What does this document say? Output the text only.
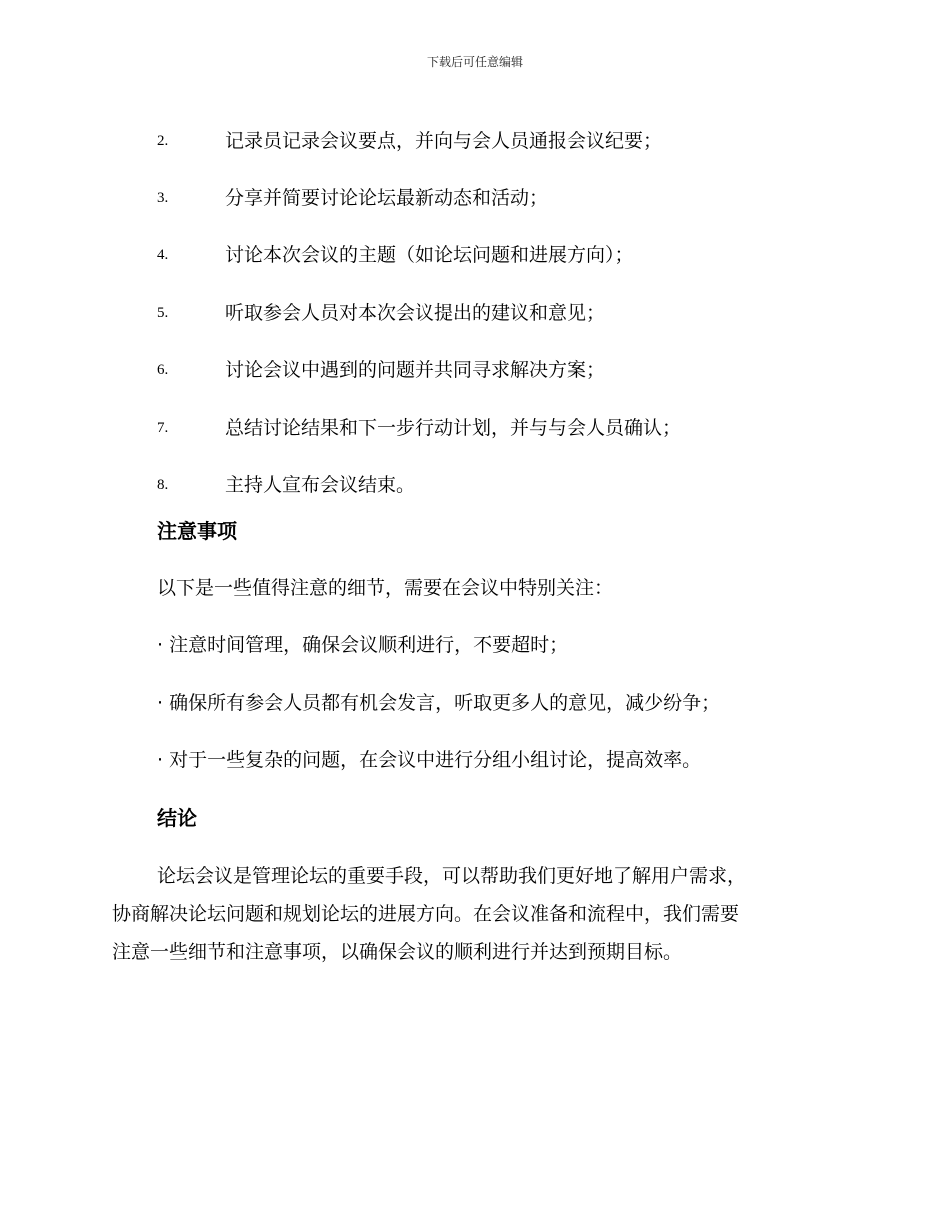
下载后可任意编辑
2.	记录员记录会议要点，并向与会人员通报会议纪要；
3.	分享并简要讨论论坛最新动态和活动；
4.	讨论本次会议的主题（如论坛问题和进展方向）；
5.	听取参会人员对本次会议提出的建议和意见；
6.	讨论会议中遇到的问题并共同寻求解决方案；
7.	总结讨论结果和下一步行动计划，并与与会人员确认；
8.	主持人宣布会议结束。
注意事项
以下是一些值得注意的细节，需要在会议中特别关注：
· 注意时间管理，确保会议顺利进行，不要超时；
· 确保所有参会人员都有机会发言，听取更多人的意见，减少纷争；
· 对于一些复杂的问题，在会议中进行分组小组讨论，提高效率。
结论

论坛会议是管理论坛的重要手段，可以帮助我们更好地了解用户需求，
协商解决论坛问题和规划论坛的进展方向。在会议准备和流程中，我们需要
注意一些细节和注意事项，以确保会议的顺利进行并达到预期目标。
